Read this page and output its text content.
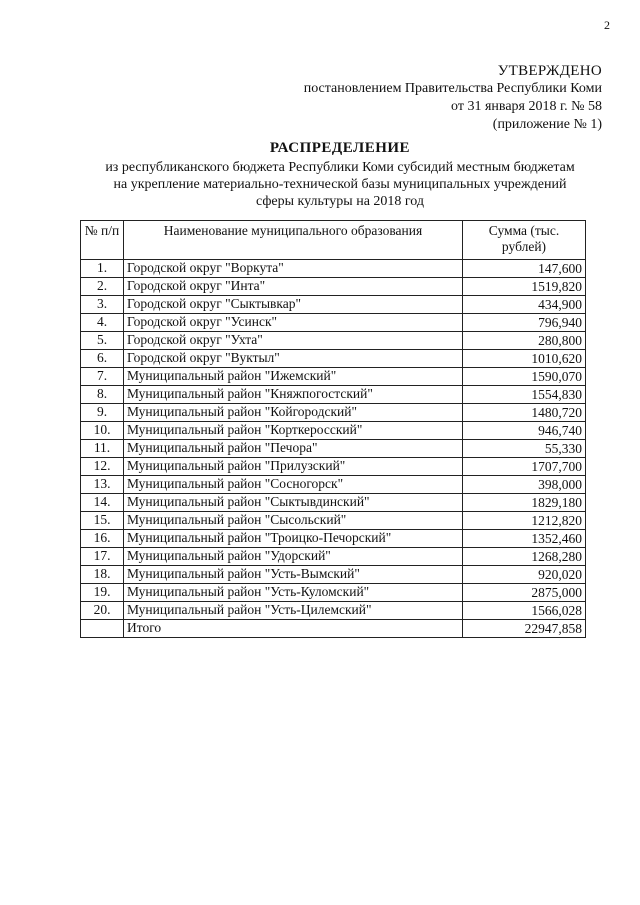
2
УТВЕРЖДЕНО
постановлением Правительства Республики Коми
от 31 января 2018 г. № 58
(приложение № 1)
РАСПРЕДЕЛЕНИЕ
из республиканского бюджета Республики Коми субсидий местным бюджетам
на укрепление материально-технической базы муниципальных учреждений
сферы культуры на 2018 год
№ п/п	Наименование муниципального образования	Сумма (тыс. рублей)
1.	Городской округ "Воркута"	147,600
2.	Городской округ "Инта"	1519,820
3.	Городской округ "Сыктывкар"	434,900
4.	Городской округ "Усинск"	796,940
5.	Городской округ "Ухта"	280,800
6.	Городской округ "Вуктыл"	1010,620
7.	Муниципальный район "Ижемский"	1590,070
8.	Муниципальный район "Княжпогостский"	1554,830
9.	Муниципальный район "Койгородский"	1480,720
10.	Муниципальный район "Корткеросский"	946,740
11.	Муниципальный район "Печора"	55,330
12.	Муниципальный район "Прилузский"	1707,700
13.	Муниципальный район "Сосногорск"	398,000
14.	Муниципальный район "Сыктывдинский"	1829,180
15.	Муниципальный район "Сысольский"	1212,820
16.	Муниципальный район "Троицко-Печорский"	1352,460
17.	Муниципальный район "Удорский"	1268,280
18.	Муниципальный район "Усть-Вымский"	920,020
19.	Муниципальный район "Усть-Куломский"	2875,000
20.	Муниципальный район "Усть-Цилемский"	1566,028
	Итого	22947,858
